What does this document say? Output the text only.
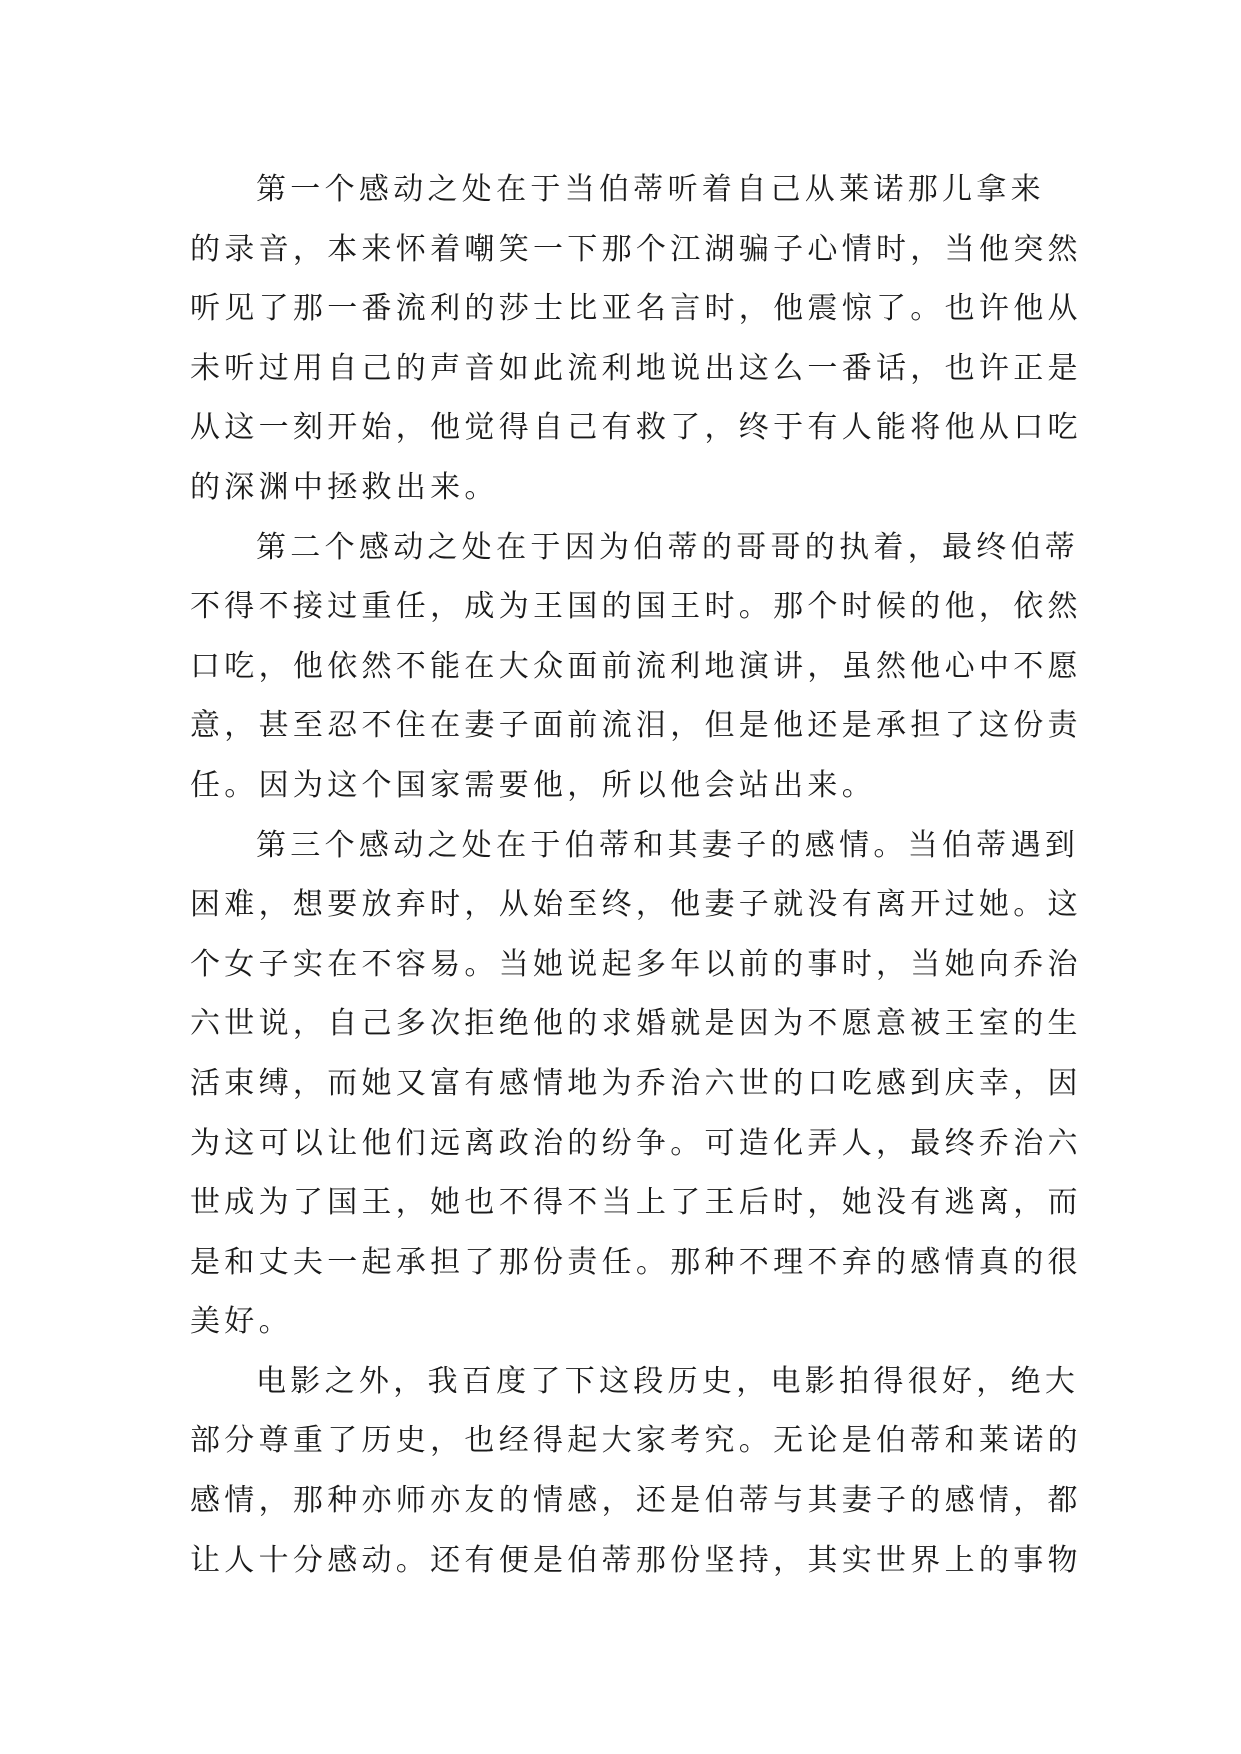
第一个感动之处在于当伯蒂听着自己从莱诺那儿拿来
的录音，本来怀着嘲笑一下那个江湖骗子心情时，当他突然
听见了那一番流利的莎士比亚名言时，他震惊了。也许他从
未听过用自己的声音如此流利地说出这么一番话，也许正是
从这一刻开始，他觉得自己有救了，终于有人能将他从口吃
的深渊中拯救出来。
第二个感动之处在于因为伯蒂的哥哥的执着，最终伯蒂
不得不接过重任，成为王国的国王时。那个时候的他，依然
口吃，他依然不能在大众面前流利地演讲，虽然他心中不愿
意，甚至忍不住在妻子面前流泪，但是他还是承担了这份责
任。因为这个国家需要他，所以他会站出来。
第三个感动之处在于伯蒂和其妻子的感情。当伯蒂遇到
困难，想要放弃时，从始至终，他妻子就没有离开过她。这
个女子实在不容易。当她说起多年以前的事时，当她向乔治
六世说，自己多次拒绝他的求婚就是因为不愿意被王室的生
活束缚，而她又富有感情地为乔治六世的口吃感到庆幸，因
为这可以让他们远离政治的纷争。可造化弄人，最终乔治六
世成为了国王，她也不得不当上了王后时，她没有逃离，而
是和丈夫一起承担了那份责任。那种不理不弃的感情真的很
美好。
电影之外，我百度了下这段历史，电影拍得很好，绝大
部分尊重了历史，也经得起大家考究。无论是伯蒂和莱诺的
感情，那种亦师亦友的情感，还是伯蒂与其妻子的感情，都
让人十分感动。还有便是伯蒂那份坚持，其实世界上的事物
